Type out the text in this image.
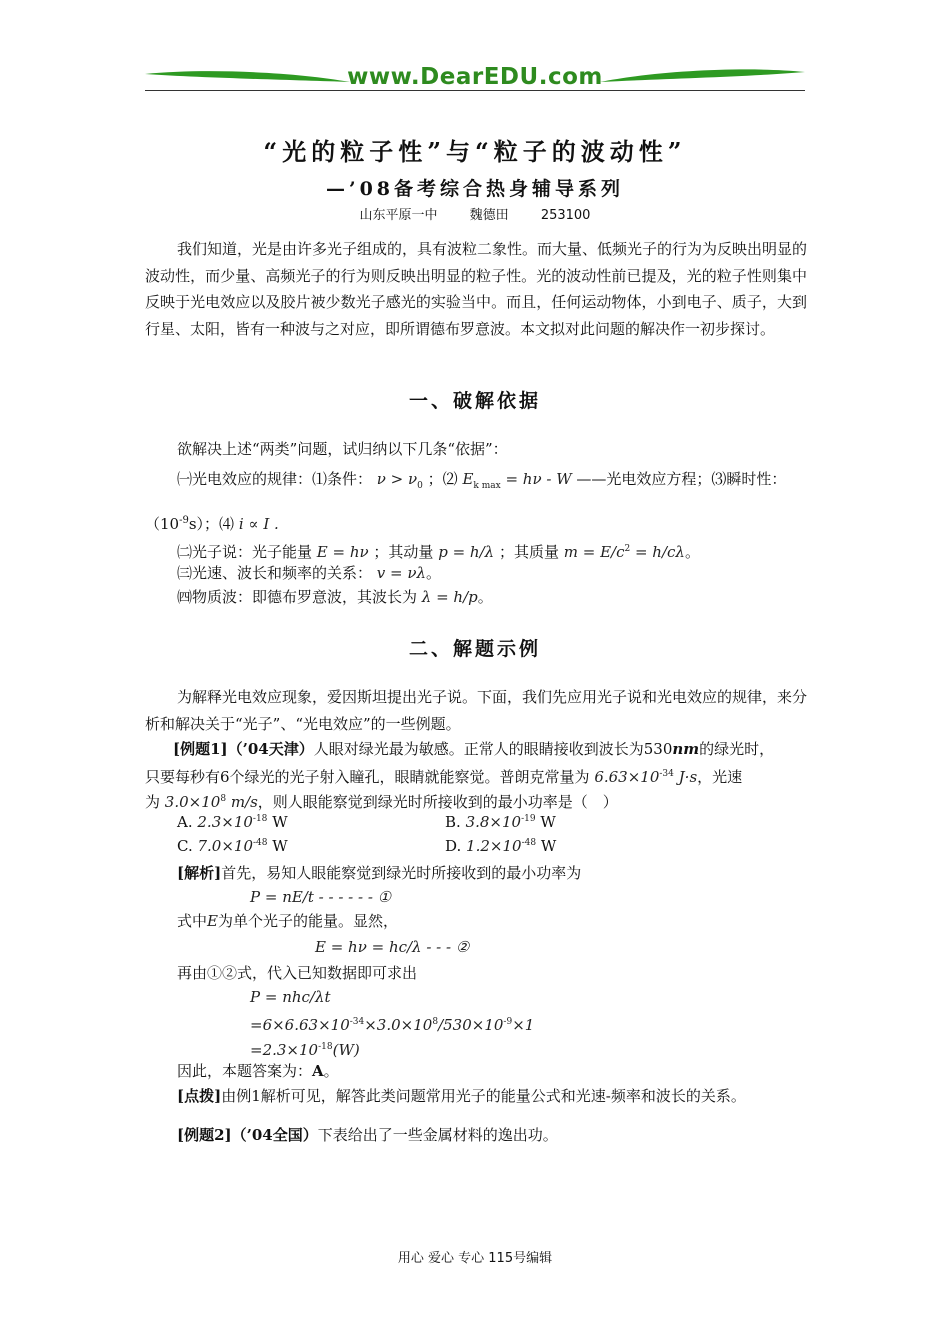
www.DearEDU.com
“光的粒子性”与“粒子的波动性”
—’08备考综合热身辅导系列
山东平原一中 魏德田 253100
我们知道，光是由许多光子组成的，具有波粒二象性。而大量、低频光子的行为为反映出明显的波动性，而少量、高频光子的行为则反映出明显的粒子性。光的波动性前已提及，光的粒子性则集中反映于光电效应以及胶片被少数光子感光的实验当中。而且，任何运动物体，小到电子、质子，大到行星、太阳，皆有一种波与之对应，即所谓德布罗意波。本文拟对此问题的解决作一初步探讨。
一、破解依据
欲解决上述“两类”问题，试归纳以下几条“依据”：
㈠光电效应的规律：⑴条件： $\nu > \nu_0$ ；⑵ $E_{k max} = h\nu - W$ ——光电效应方程；⑶瞬时性：
$(10^{-9}s)$；⑷ i ∝ I .
㈡光子说：光子能量 E = hν ；其动量 p = h/λ ；其质量 $m = E/c^2 = h/c\lambda$。
㈢光速、波长和频率的关系： v = νλ。
㈣物质波：即德布罗意波，其波长为 λ = h/p。
二、解题示例
为解释光电效应现象，爱因斯坦提出光子说。下面，我们先应用光子说和光电效应的规律，来分析和解决关于“光子”、“光电效应”的一些例题。
[例题1]（’04天津）人眼对绿光最为敏感。正常人的眼睛接收到波长为530nm的绿光时，
只要每秒有6个绿光的光子射入瞳孔，眼睛就能察觉。普朗克常量为 $6.63\times 10^{-34}$ J·s，光速
为 $3.0\times 10^8$ m/s，则人眼能察觉到绿光时所接收到的最小功率是（　）
A. $2.3\times 10^{-18}$ W	B. $3.8\times 10^{-19}$ W
C. $7.0\times 10^{-48}$ W	D. $1.2\times 10^{-48}$ W
[解析]首先，易知人眼能察觉到绿光时所接收到的最小功率为
P = nE/t - - - - - - ①
式中E为单个光子的能量。显然，
E = hν = hc/λ - - - ②
再由①②式，代入已知数据即可求出
P = nhc/λt
$=6\times 6.63\times 10^{-34}\times 3.0\times 10^8/530\times 10^{-9}\times 1$
$=2.3\times 10^{-18}(W)$
因此，本题答案为：A。
[点拨]由例1解析可见，解答此类问题常用光子的能量公式和光速-频率和波长的关系。
[例题2]（’04全国）下表给出了一些金属材料的逸出功。
用心 爱心 专心 115号编辑
